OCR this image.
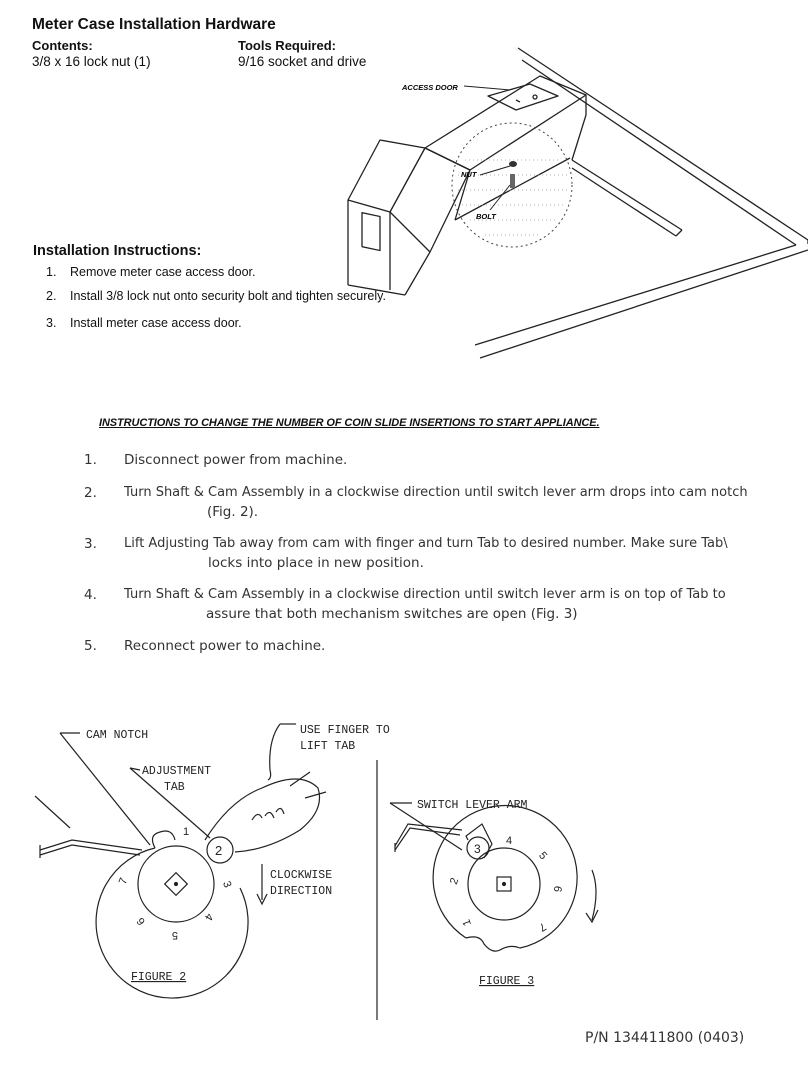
Meter Case Installation Hardware
Contents:
3/8 x 16 lock nut (1)
Tools Required:
9/16 socket and drive
Installation Instructions:
1. Remove meter case access door.
2. Install 3/8 lock nut onto security bolt and tighten securely.
3. Install meter case access door.
ACCESS DOOR
NUT
BOLT
INSTRUCTIONS TO CHANGE THE NUMBER OF COIN SLIDE INSERTIONS TO START APPLIANCE.
1. Disconnect power from machine.
2. Turn Shaft & Cam Assembly in a clockwise direction until switch lever arm drops into cam notch
(Fig. 2).
3. Lift Adjusting Tab away from cam with finger and turn Tab to desired number. Make sure Tab\
locks into place in new position.
4. Turn Shaft & Cam Assembly in a clockwise direction until switch lever arm is on top of Tab to
assure that both mechanism switches are open (Fig. 3)
5. Reconnect power to machine.
CAM NOTCH
ADJUSTMENT
TAB
USE FINGER TO
LIFT TAB
CLOCKWISE
DIRECTION
SWITCH LEVER ARM
FIGURE 2	FIGURE 3
1
2
3
4
5
6
7
1
2
3
4
5
6
7
P/N 134411800 (0403)
